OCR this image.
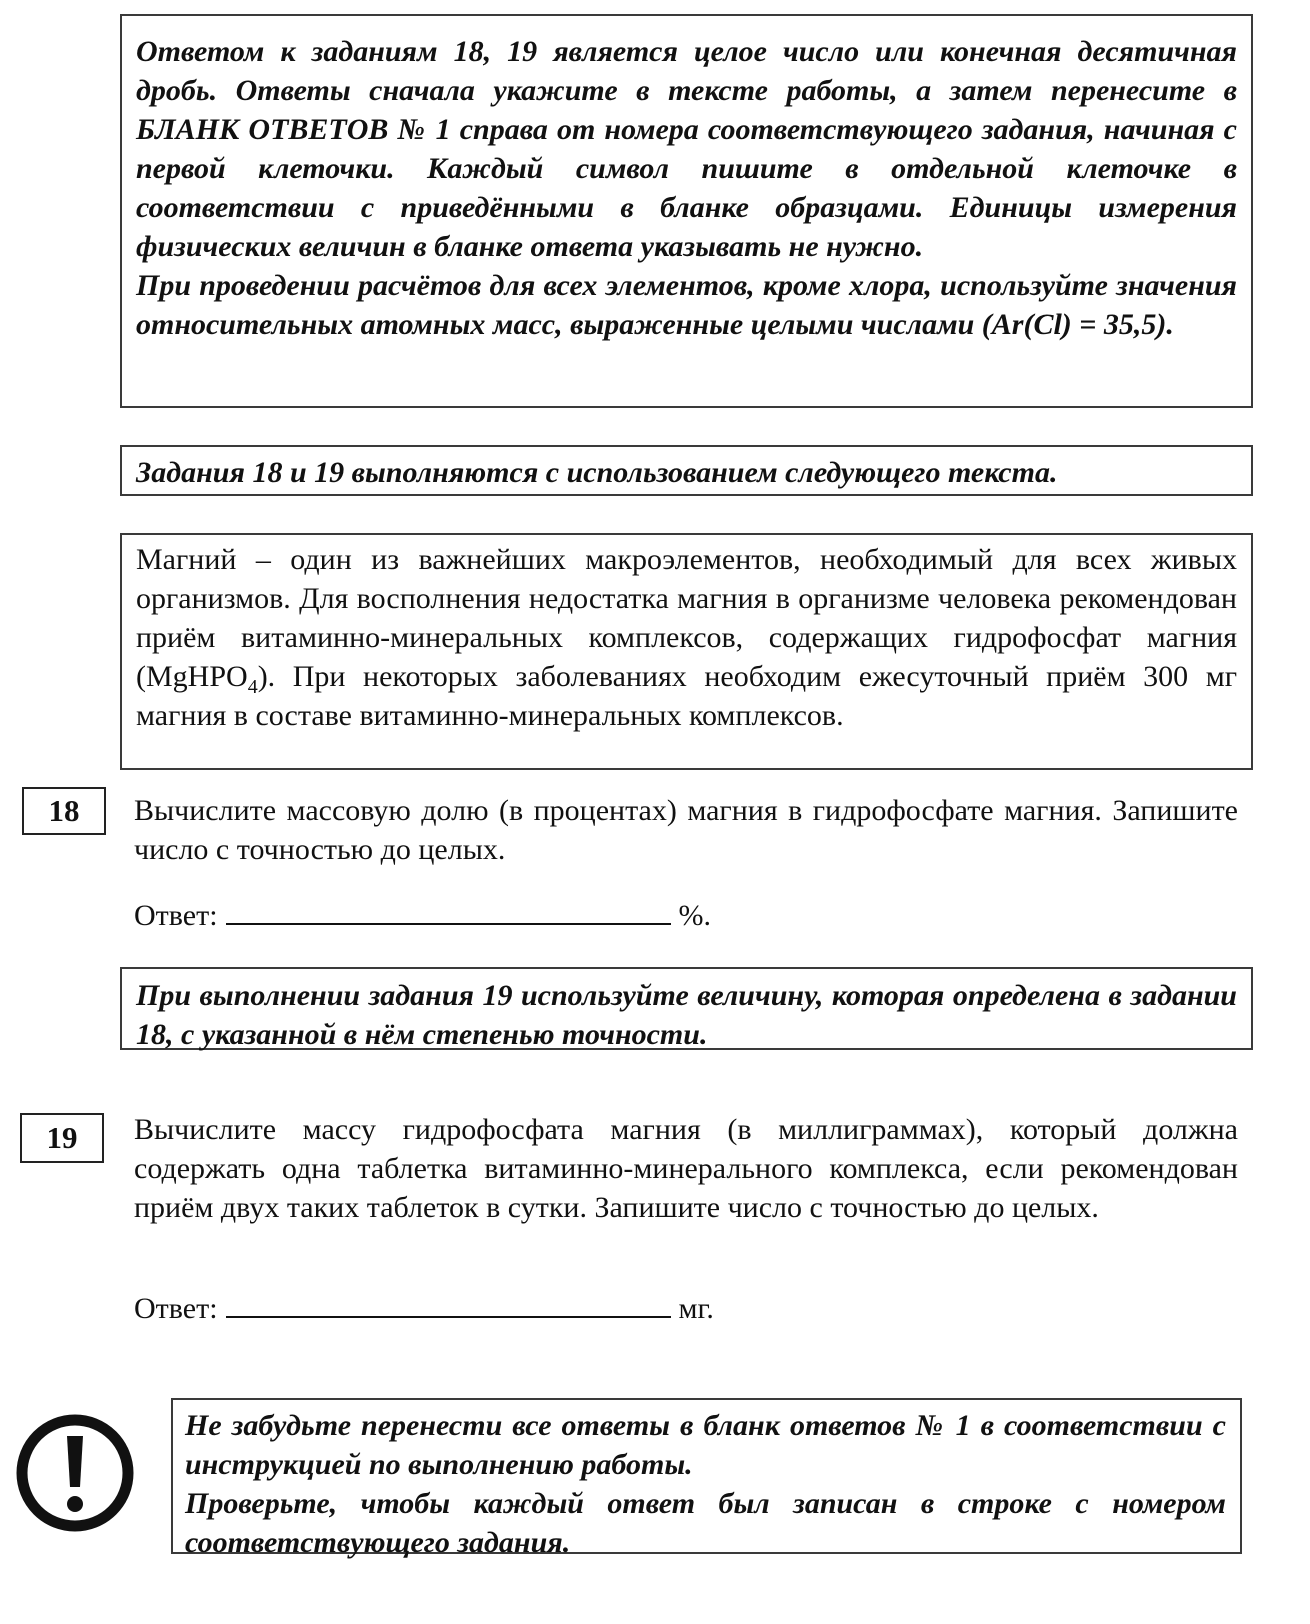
Ответом к заданиям 18, 19 является целое число или конечная десятичная дробь. Ответы сначала укажите в тексте работы, а затем перенесите в БЛАНК ОТВЕТОВ № 1 справа от номера соответствующего задания, начиная с первой клеточки. Каждый символ пишите в отдельной клеточке в соответствии с приведёнными в бланке образцами. Единицы измерения физических величин в бланке ответа указывать не нужно.

При проведении расчётов для всех элементов, кроме хлора, используйте значения относительных атомных масс, выраженные целыми числами (Ar(Cl) = 35,5).

Задания 18 и 19 выполняются с использованием следующего текста.

Магний – один из важнейших макроэлементов, необходимый для всех живых организмов. Для восполнения недостатка магния в организме человека рекомендован приём витаминно-минеральных комплексов, содержащих гидрофосфат магния (MgHPO$_4$). При некоторых заболеваниях необходим ежесуточный приём 300 мг магния в составе витаминно-минеральных комплексов.

18	Вычислите массовую долю (в процентах) магния в гидрофосфате магния. Запишите число с точностью до целых.

Ответ:	%.

При выполнении задания 19 используйте величину, которая определена в задании 18, с указанной в нём степенью точности.

19	Вычислите массу гидрофосфата магния (в миллиграммах), который должна содержать одна таблетка витаминно-минерального комплекса, если рекомендован приём двух таких таблеток в сутки. Запишите число с точностью до целых.

Ответ:	мг.

Не забудьте перенести все ответы в бланк ответов № 1 в соответствии с инструкцией по выполнению работы.

Проверьте, чтобы каждый ответ был записан в строке с номером соответствующего задания.
